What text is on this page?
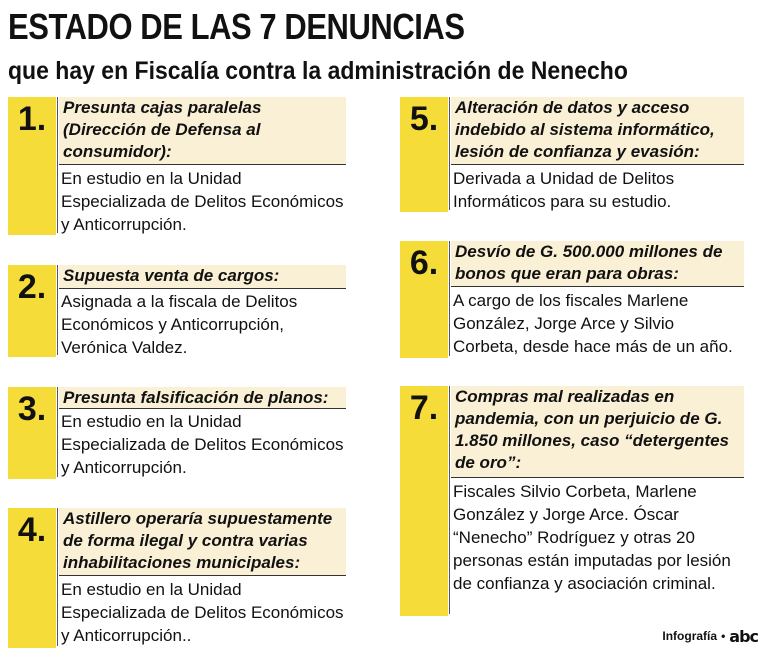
ESTADO DE LAS 7 DENUNCIAS
que hay en Fiscalía contra la administración de Nenecho
1. Presunta cajas paralelas (Dirección de Defensa al consumidor):
En estudio en la Unidad Especializada de Delitos Económicos y Anticorrupción.
2. Supuesta venta de cargos:
Asignada a la fiscala de Delitos Económicos y Anticorrupción, Verónica Valdez.
3. Presunta falsificación de planos:
En estudio en la Unidad Especializada de Delitos Económicos y Anticorrupción.
4. Astillero operaría supuestamente de forma ilegal y contra varias inhabilitaciones municipales:
En estudio en la Unidad Especializada de Delitos Económicos y Anticorrupción..
5. Alteración de datos y acceso indebido al sistema informático, lesión de confianza y evasión:
Derivada a Unidad de Delitos Informáticos para su estudio.
6. Desvío de G. 500.000 millones de bonos que eran para obras:
A cargo de los fiscales Marlene González, Jorge Arce y Silvio Corbeta, desde hace más de un año.
7. Compras mal realizadas en pandemia, con un perjuicio de G. 1.850 millones, caso “detergentes de oro”:
Fiscales Silvio Corbeta, Marlene González y Jorge Arce. Óscar “Nenecho” Rodríguez y otras 20 personas están imputadas por lesión de confianza y asociación criminal.
Infografía • abc
